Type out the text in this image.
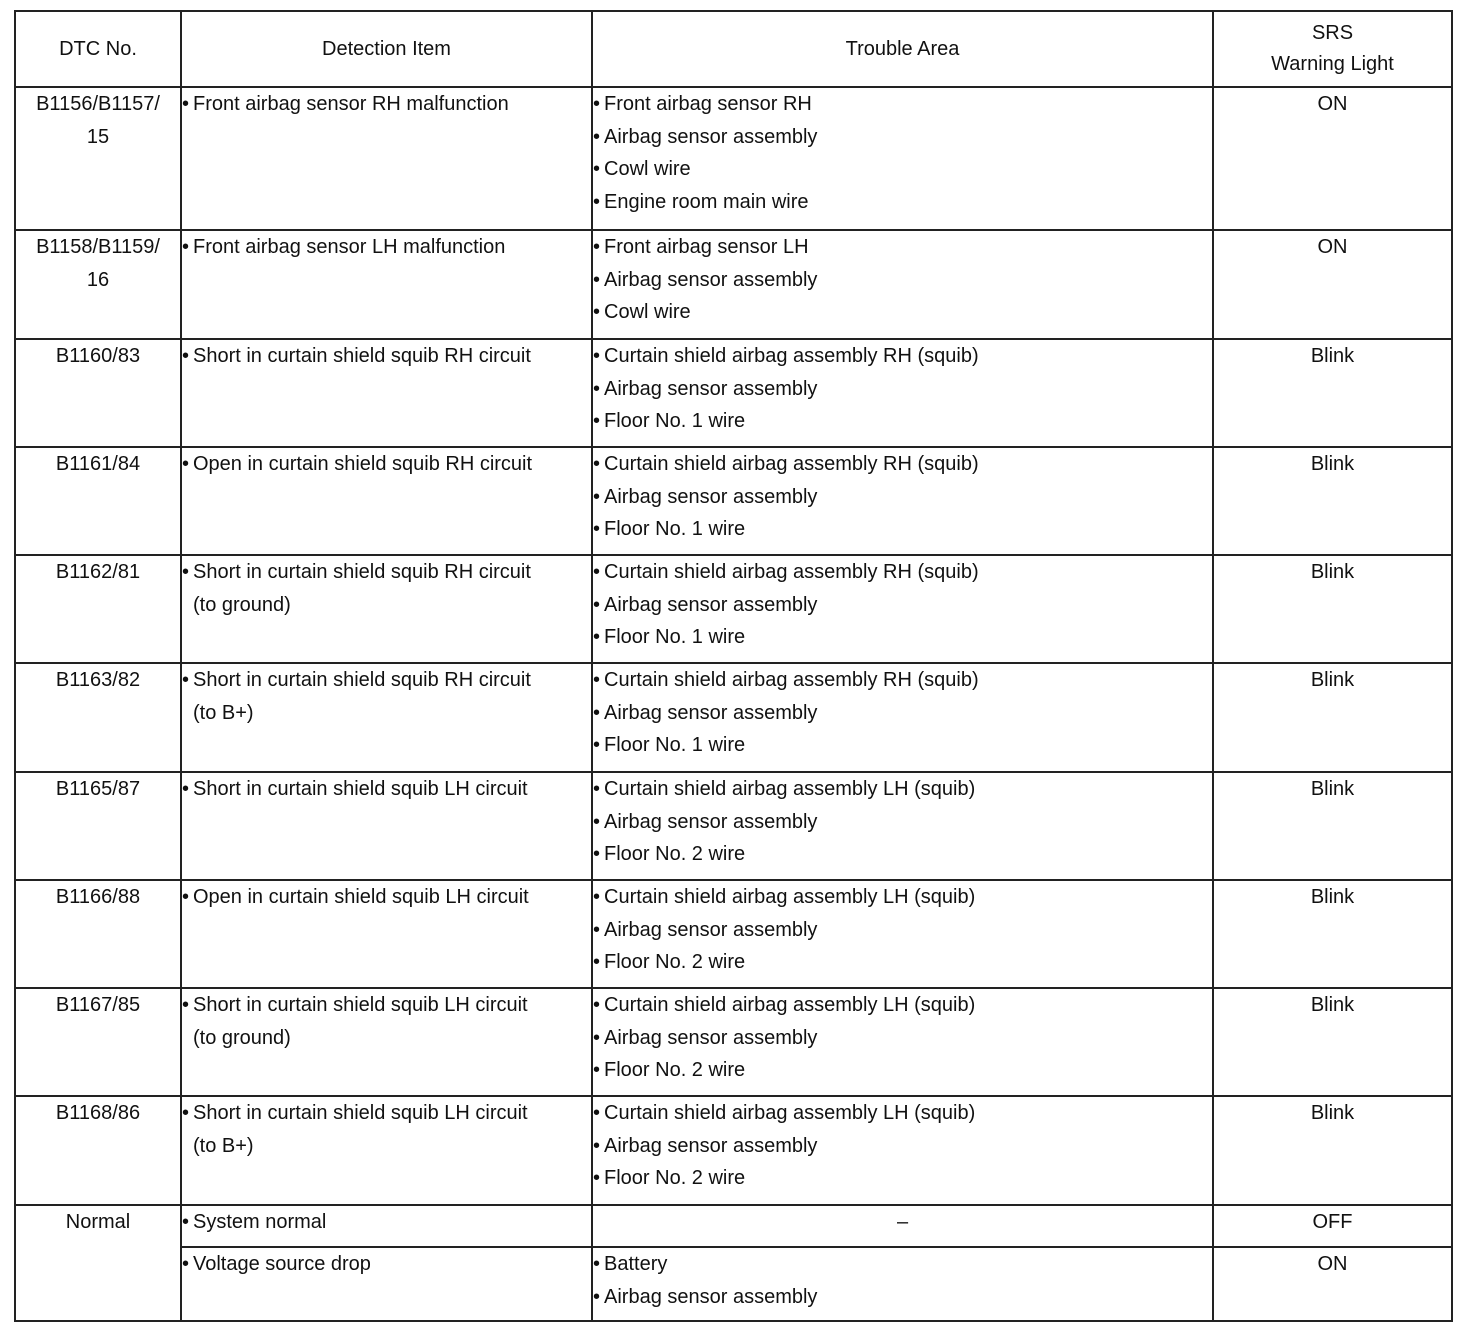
DTC No.	Detection Item	Trouble Area	SRS
Warning Light

B1156/B1157/
15	• Front airbag sensor RH malfunction	• Front airbag sensor RH
• Airbag sensor assembly
• Cowl wire
• Engine room main wire	ON

B1158/B1159/
16	• Front airbag sensor LH malfunction	• Front airbag sensor LH
• Airbag sensor assembly
• Cowl wire	ON

B1160/83	• Short in curtain shield squib RH circuit	• Curtain shield airbag assembly RH (squib)
• Airbag sensor assembly
• Floor No. 1 wire	Blink

B1161/84	• Open in curtain shield squib RH circuit	• Curtain shield airbag assembly RH (squib)
• Airbag sensor assembly
• Floor No. 1 wire	Blink

B1162/81	• Short in curtain shield squib RH circuit
(to ground)	• Curtain shield airbag assembly RH (squib)
• Airbag sensor assembly
• Floor No. 1 wire	Blink

B1163/82	• Short in curtain shield squib RH circuit
(to B+)	• Curtain shield airbag assembly RH (squib)
• Airbag sensor assembly
• Floor No. 1 wire	Blink

B1165/87	• Short in curtain shield squib LH circuit	• Curtain shield airbag assembly LH (squib)
• Airbag sensor assembly
• Floor No. 2 wire	Blink

B1166/88	• Open in curtain shield squib LH circuit	• Curtain shield airbag assembly LH (squib)
• Airbag sensor assembly
• Floor No. 2 wire	Blink

B1167/85	• Short in curtain shield squib LH circuit
(to ground)	• Curtain shield airbag assembly LH (squib)
• Airbag sensor assembly
• Floor No. 2 wire	Blink

B1168/86	• Short in curtain shield squib LH circuit
(to B+)	• Curtain shield airbag assembly LH (squib)
• Airbag sensor assembly
• Floor No. 2 wire	Blink
Normal	• System normal	–	OFF

	• Voltage source drop	• Battery
• Airbag sensor assembly	ON
